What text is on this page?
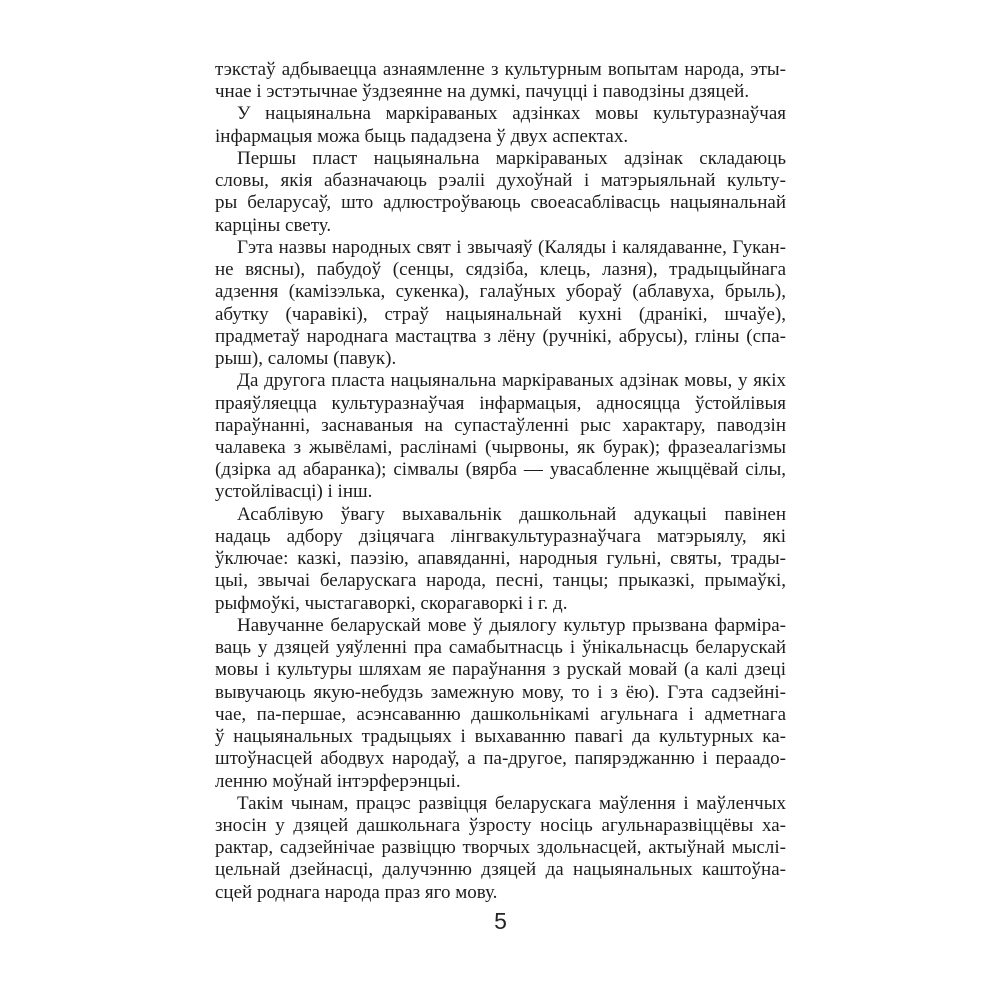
тэкстаў адбываецца азнаямленне з культурным вопытам народа, эты-
чнае і эстэтычнае ўздзеянне на думкі, пачуцці і паводзіны дзяцей.
У нацыянальна маркіраваных адзінках мовы культуразнаўчая
інфармацыя можа быць пададзена ў двух аспектах.
Першы пласт нацыянальна маркіраваных адзінак складаюць
словы, якія абазначаюць рэаліі духоўнай і матэрыяльнай культу-
ры беларусаў, што адлюстроўваюць своеасаблівасць нацыянальнай
карціны свету.
Гэта назвы народных свят і звычаяў (Каляды і калядаванне, Гукан-
не вясны), пабудоў (сенцы, сядзіба, клець, лазня), традыцыйнага
адзення (камізэлька, сукенка), галаўных убораў (аблавуха, брыль),
абутку (чаравікі), страў нацыянальнай кухні (дранікі, шчаўе),
прадметаў народнага мастацтва з лёну (ручнікі, абрусы), гліны (спа-
рыш), саломы (павук).
Да другога пласта нацыянальна маркіраваных адзінак мовы, у якіх
праяўляецца культуразнаўчая інфармацыя, адносяцца ўстойлівыя
параўнанні, заснаваныя на супастаўленні рыс характару, паводзін
чалавека з жывёламі, раслінамі (чырвоны, як бурак); фразеалагізмы
(дзірка ад абаранка); сімвалы (вярба — увасабленне жыццёвай сілы,
устойлівасці) і інш.
Асаблівую ўвагу выхавальнік дашкольнай адукацыі павінен
надаць адбору дзіцячага лінгвакультуразнаўчага матэрыялу, які
ўключае: казкі, паэзію, апавяданні, народныя гульні, святы, трады-
цыі, звычаі беларускага народа, песні, танцы; прыказкі, прымаўкі,
рыфмоўкі, чыстагаворкі, скорагаворкі і г. д.
Навучанне беларускай мове ў дыялогу культур прызвана фарміра-
ваць у дзяцей уяўленні пра самабытнасць і ўнікальнасць беларускай
мовы і культуры шляхам яе параўнання з рускай мовай (а калі дзеці
вывучаюць якую-небудзь замежную мову, то і з ёю). Гэта садзейні-
чае, па-першае, асэнсаванню дашкольнікамі агульнага і адметнага
ў нацыянальных традыцыях і выхаванню павагі да культурных ка-
штоўнасцей абодвух народаў, а па-другое, папярэджанню і пераадо-
ленню моўнай інтэрферэнцыі.
Такім чынам, працэс развіцця беларускага маўлення і маўленчых
зносін у дзяцей дашкольнага ўзросту носіць агульнаразвіццёвы ха-
рактар, садзейнічае развіццю творчых здольнасцей, актыўнай мыслі-
цельнай дзейнасці, далучэнню дзяцей да нацыянальных каштоўна-
сцей роднага народа праз яго мову.
5
